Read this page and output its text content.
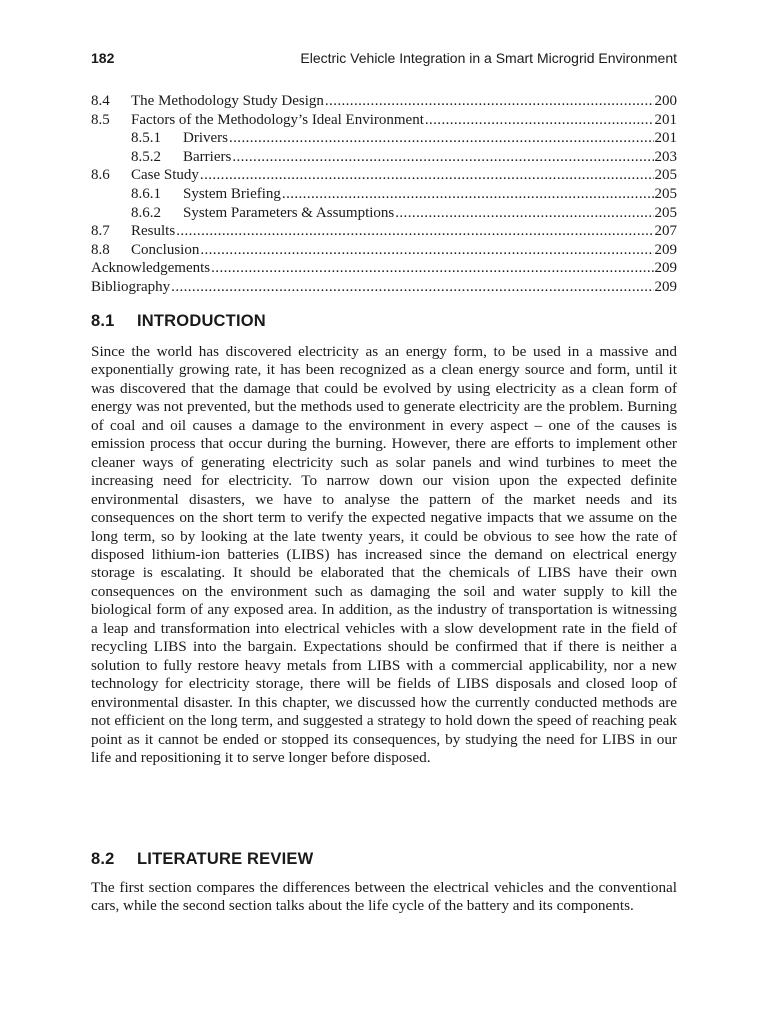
182	Electric Vehicle Integration in a Smart Microgrid Environment
8.4	The Methodology Study Design .....	200
8.5	Factors of the Methodology’s Ideal Environment .....	201
8.5.1	Drivers .....	201
8.5.2	Barriers .....	203
8.6	Case Study .....	205
8.6.1	System Briefing .....	205
8.6.2	System Parameters & Assumptions .....	205
8.7	Results .....	207
8.8	Conclusion .....	209
Acknowledgements .....	209
Bibliography .....	209
8.1 INTRODUCTION

Since the world has discovered electricity as an energy form, to be used in a massive and exponentially growing rate, it has been recognized as a clean energy source and form, until it was discovered that the damage that could be evolved by using electricity as a clean form of energy was not prevented, but the methods used to generate electricity are the problem. Burning of coal and oil causes a damage to the environment in every aspect – one of the causes is emission process that occur during the burning. However, there are efforts to implement other cleaner ways of generating electricity such as solar panels and wind turbines to meet the increasing need for electricity. To narrow down our vision upon the expected definite environmental disasters, we have to analyse the pattern of the market needs and its consequences on the short term to verify the expected negative impacts that we assume on the long term, so by looking at the late twenty years, it could be obvious to see how the rate of disposed lithium-ion batteries (LIBS) has increased since the demand on electrical energy storage is escalating. It should be elaborated that the chemicals of LIBS have their own consequences on the environment such as damaging the soil and water supply to kill the biological form of any exposed area. In addition, as the industry of transportation is witnessing a leap and transformation into electrical vehicles with a slow development rate in the field of recycling LIBS into the bargain. Expectations should be confirmed that if there is neither a solution to fully restore heavy metals from LIBS with a commercial applicability, nor a new technology for electricity storage, there will be fields of LIBS disposals and closed loop of environmental disaster. In this chapter, we discussed how the currently conducted methods are not efficient on the long term, and suggested a strategy to hold down the speed of reaching peak point as it cannot be ended or stopped its consequences, by studying the need for LIBS in our life and repositioning it to serve longer before disposed.

8.2 LITERATURE REVIEW

The first section compares the differences between the electrical vehicles and the conventional cars, while the second section talks about the life cycle of the battery and its components.
